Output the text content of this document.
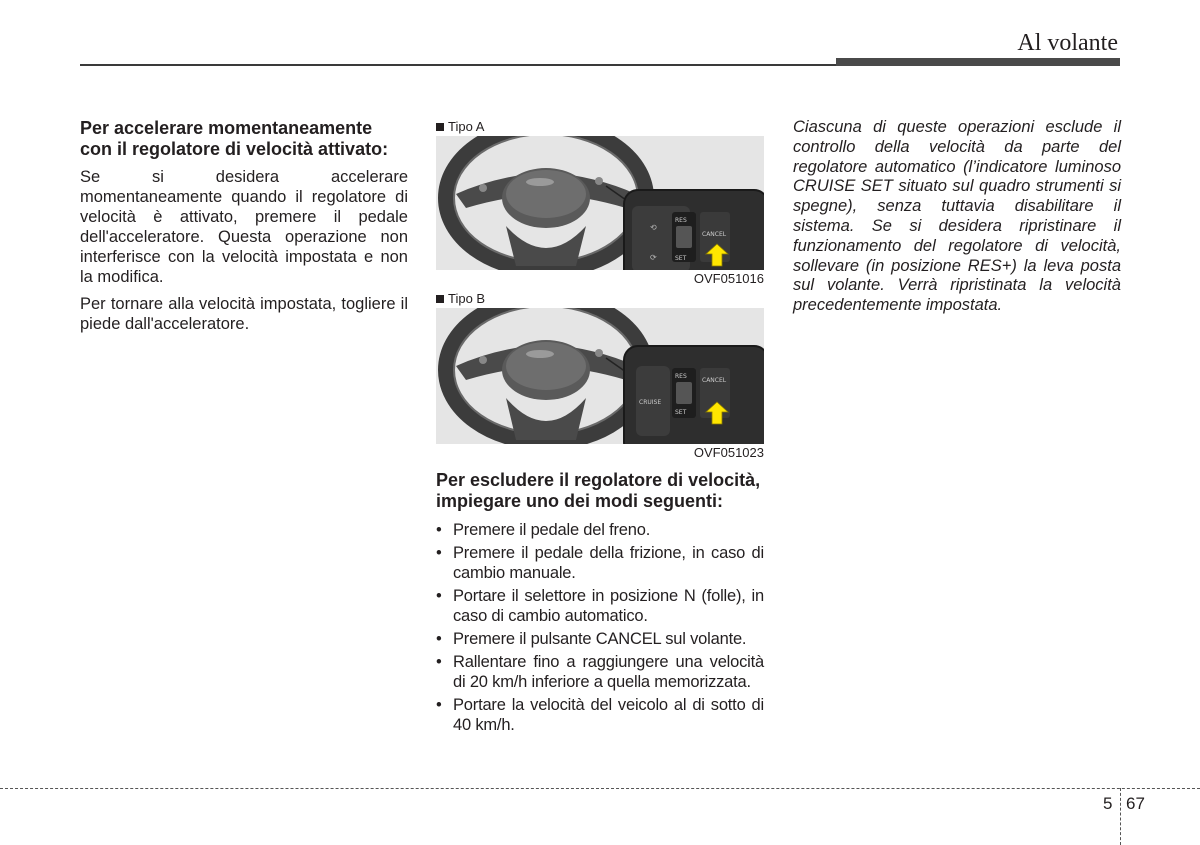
Al volante
Per accelerare momentaneamente con il regolatore di velocità attivato:

Se si desidera accelerare momentaneamente quando il regolatore di velocità è attivato, premere il pedale dell'acceleratore. Questa operazione non interferisce con la velocità impostata e non la modifica.

Per tornare alla velocità impostata, togliere il piede dall'acceleratore.

Tipo A
⟲
⟳
RES
SET
CANCEL
OVF051016
Tipo B
CRUISE
RES
SET
CANCEL
OVF051023
Per escludere il regolatore di velocità, impiegare uno dei modi seguenti:
• Premere il pedale del freno.
• Premere il pedale della frizione, in caso di cambio manuale.
• Portare il selettore in posizione N (folle), in caso di cambio automatico.
• Premere il pulsante CANCEL sul volante.
• Rallentare fino a raggiungere una velocità di 20 km/h inferiore a quella memorizzata.
• Portare la velocità del veicolo al di sotto di 40 km/h.

Ciascuna di queste operazioni esclude il controllo della velocità da parte del regolatore automatico (l’indicatore luminoso CRUISE SET situato sul quadro strumenti si spegne), senza tuttavia disabilitare il sistema. Se si desidera ripristinare il funzionamento del regolatore di velocità, sollevare (in posizione RES+) la leva posta sul volante. Verrà ripristinata la velocità precedentemente impostata.

5 67
